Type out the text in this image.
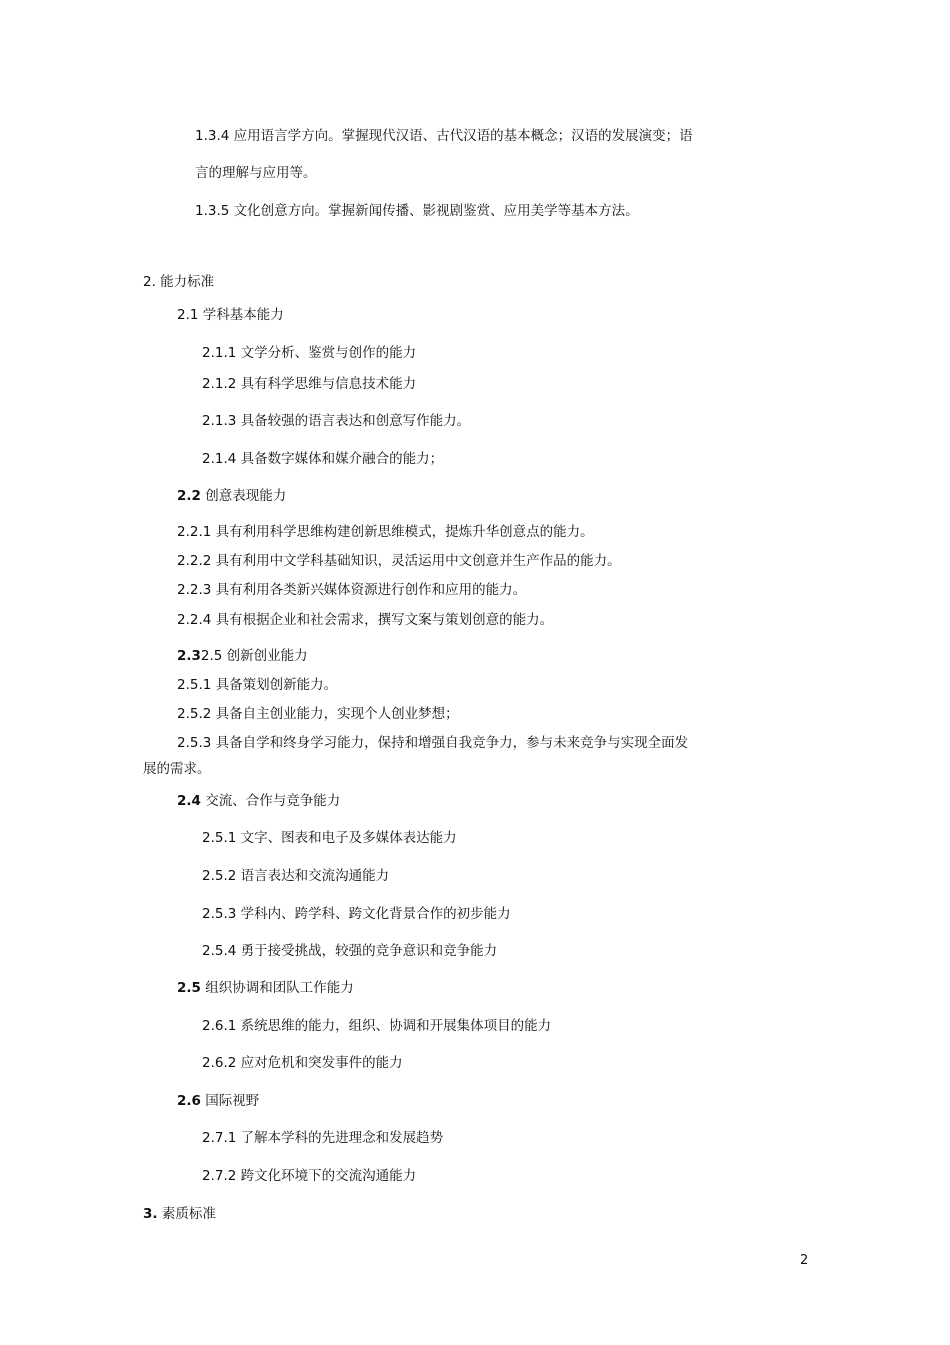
1.3.4 应用语言学方向。掌握现代汉语、古代汉语的基本概念；汉语的发展演变；语
言的理解与应用等。
1.3.5 文化创意方向。掌握新闻传播、影视剧鉴赏、应用美学等基本方法。
2. 能力标准
2.1 学科基本能力
2.1.1 文学分析、鉴赏与创作的能力
2.1.2 具有科学思维与信息技术能力
2.1.3 具备较强的语言表达和创意写作能力。
2.1.4 具备数字媒体和媒介融合的能力；
2.2 创意表现能力
2.2.1 具有利用科学思维构建创新思维模式，提炼升华创意点的能力。
2.2.2 具有利用中文学科基础知识，灵活运用中文创意并生产作品的能力。
2.2.3 具有利用各类新兴媒体资源进行创作和应用的能力。
2.2.4 具有根据企业和社会需求，撰写文案与策划创意的能力。
2.32.5 创新创业能力
2.5.1 具备策划创新能力。
2.5.2 具备自主创业能力，实现个人创业梦想；
2.5.3 具备自学和终身学习能力，保持和增强自我竞争力，参与未来竞争与实现全面发
展的需求。
2.4 交流、合作与竞争能力
2.5.1 文字、图表和电子及多媒体表达能力
2.5.2 语言表达和交流沟通能力
2.5.3 学科内、跨学科、跨文化背景合作的初步能力
2.5.4 勇于接受挑战，较强的竞争意识和竞争能力
2.5 组织协调和团队工作能力
2.6.1 系统思维的能力，组织、协调和开展集体项目的能力
2.6.2 应对危机和突发事件的能力
2.6 国际视野
2.7.1 了解本学科的先进理念和发展趋势
2.7.2 跨文化环境下的交流沟通能力
3. 素质标准
2
